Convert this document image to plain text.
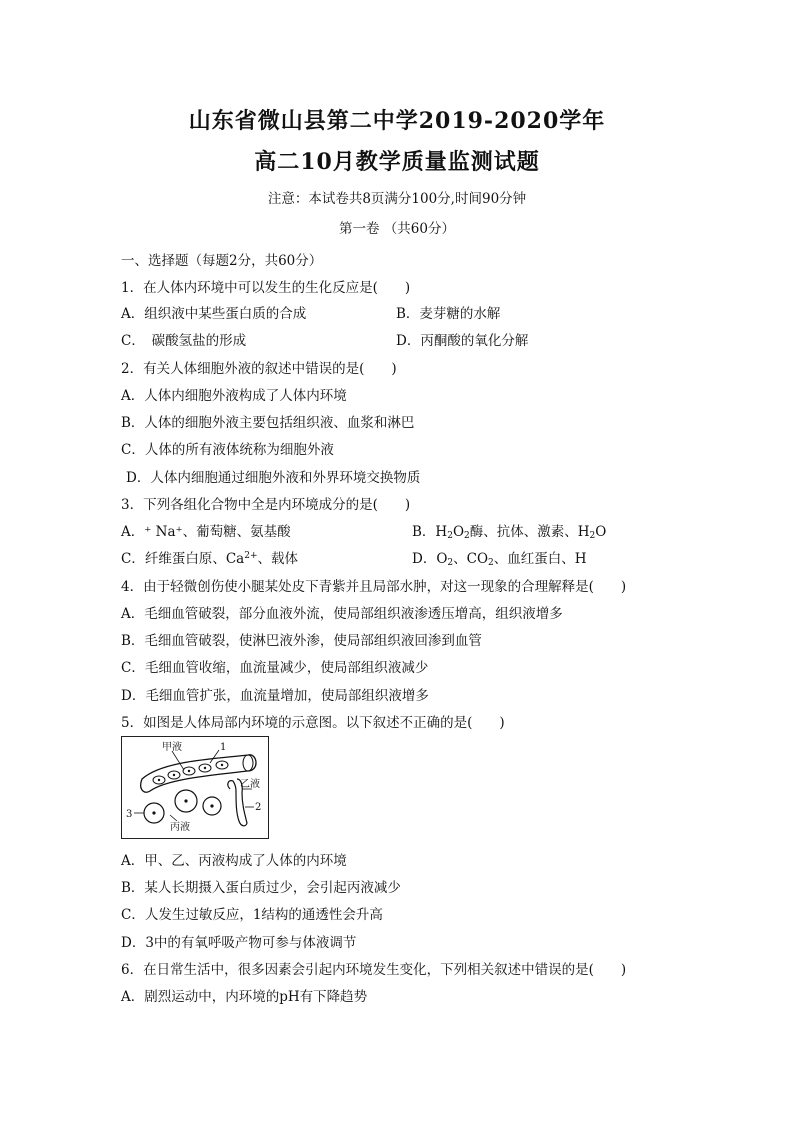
山东省微山县第二中学2019-2020学年
高二10月教学质量监测试题
注意：本试卷共8页满分100分,时间90分钟
第一卷 （共60分）
一、选择题（每题2分，共60分）
1．在人体内环境中可以发生的生化反应是(　　)
A．组织液中某些蛋白质的合成	B．麦芽糖的水解
C．　碳酸氢盐的形成	D．丙酮酸的氧化分解
2．有关人体细胞外液的叙述中错误的是(　　)
A．人体内细胞外液构成了人体内环境
B．人体的细胞外液主要包括组织液、血浆和淋巴
C．人体的所有液体统称为细胞外液
D．人体内细胞通过细胞外液和外界环境交换物质
3．下列各组化合物中全是内环境成分的是(　　)
A．⁺ Na⁺、葡萄糖、氨基酸	B．$H_2O_2$酶、抗体、激素、$H_2O$
C．纤维蛋白原、$Ca^{2+}$、载体	D．$O_2$、$CO_2$、血红蛋白、H
4．由于轻微创伤使小腿某处皮下青紫并且局部水肿，对这一现象的合理解释是(　　)
A．毛细血管破裂，部分血液外流，使局部组织液渗透压增高，组织液增多
B．毛细血管破裂，使淋巴液外渗，使局部组织液回渗到血管
C．毛细血管收缩，血流量减少，使局部组织液减少
D．毛细血管扩张，血流量增加，使局部组织液增多
5．如图是人体局部内环境的示意图。以下叙述不正确的是(　　)
甲液	1
乙液
2
3
丙液
A．甲、乙、丙液构成了人体的内环境
B．某人长期摄入蛋白质过少，会引起丙液减少
C．人发生过敏反应，1结构的通透性会升高
D．3中的有氧呼吸产物可参与体液调节
6．在日常生活中，很多因素会引起内环境发生变化，下列相关叙述中错误的是(　　)
A．剧烈运动中，内环境的pH有下降趋势
